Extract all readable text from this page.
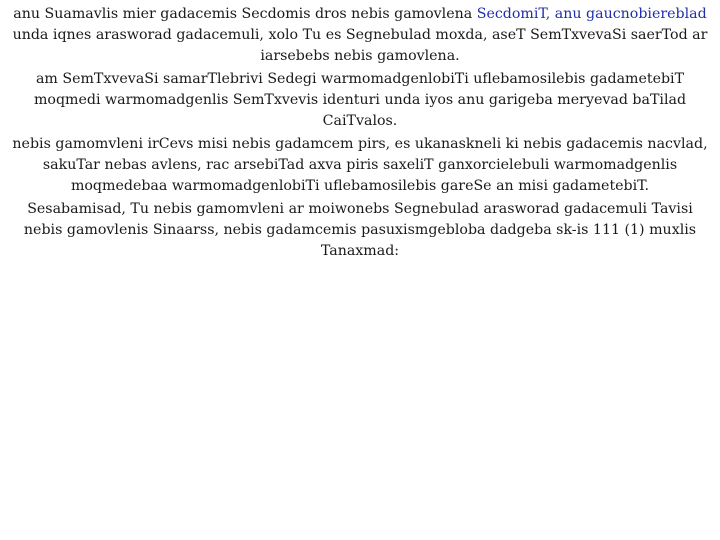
anu Suamavlis mier gadacemis Secdomis dros nebis gamovlena SecdomiT, anu gaucnobiereblad unda iqnes arasworad gadacemuli, xolo Tu es Segnebulad moxda, aseT SemTxvevaSi saerTod ar iarsebebs nebis gamovlena.

am SemTxvevaSi samarTlebrivi Sedegi warmomadgenlobiTi uflebamosilebis gadametebiT moqmedi warmomadgenlis SemTxvevis identuri unda iyos anu garigeba meryevad baTilad CaiTvalos.

nebis gamomvleni irCevs misi nebis gadamcem pirs, es ukanasknelі ki nebis gadacemis nacvlad, sakuTar nebas avlens, rac arsebiTad axva piris saxeliT ganxorcielebuli warmomadgenlis moqmedebaa warmomadgenlobiTi uflebamosilebis gareSe an misi gadametebiT.

Sesabamisad, Tu nebis gamomvleni ar moiwonebs Segnebulad arasworad gadacemuli Tavisi nebis gamovlenis Sinaarss, nebis gadamcemis pasuxismgebloba dadgeba sk-is 111 (1) muxlis Tanaxmad:
